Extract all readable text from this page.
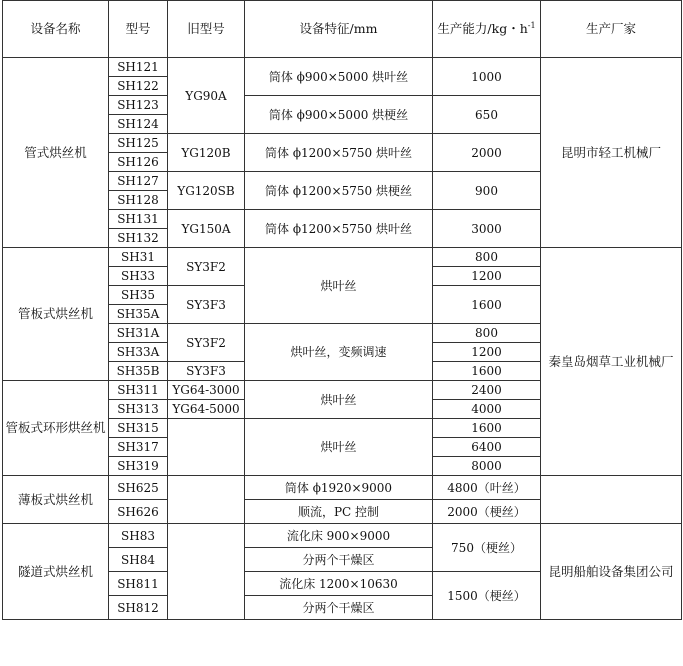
设备名称	型号	旧型号	设备特征/mm	生产能力/kg・$h^{-1}$	生产厂家
管式烘丝机	SH121	YG90A	筒体 ϕ900×5000 烘叶丝	1000	昆明市轻工机械厂
	SH122				
	SH123		筒体 ϕ900×5000 烘梗丝	650	
	SH124				
	SH125	YG120B	筒体 ϕ1200×5750 烘叶丝	2000	
	SH126				
	SH127	YG120SB	筒体 ϕ1200×5750 烘梗丝	900	
	SH128				
	SH131	YG150A	筒体 ϕ1200×5750 烘叶丝	3000	
	SH132				
管板式烘丝机	SH31	SY3F2	烘叶丝	800	秦皇岛烟草工业机械厂
	SH33			1200	
	SH35	SY3F3		1600	
	SH35A				
	SH31A	SY3F2	烘叶丝，变频调速	800	
	SH33A			1200	
	SH35B	SY3F3		1600	
管板式环形烘丝机	SH311	YG64-3000	烘叶丝	2400	
	SH313	YG64-5000		4000	
	SH315		烘叶丝	1600	
	SH317			6400	
	SH319			8000	
薄板式烘丝机	SH625		筒体 ϕ1920×9000	4800（叶丝）	
	SH626		顺流，PC 控制	2000（梗丝）	
隧道式烘丝机	SH83		流化床 900×9000	750（梗丝）	昆明船舶设备集团公司
	SH84		分两个干燥区		
	SH811		流化床 1200×10630	1500（梗丝）	
	SH812		分两个干燥区		
